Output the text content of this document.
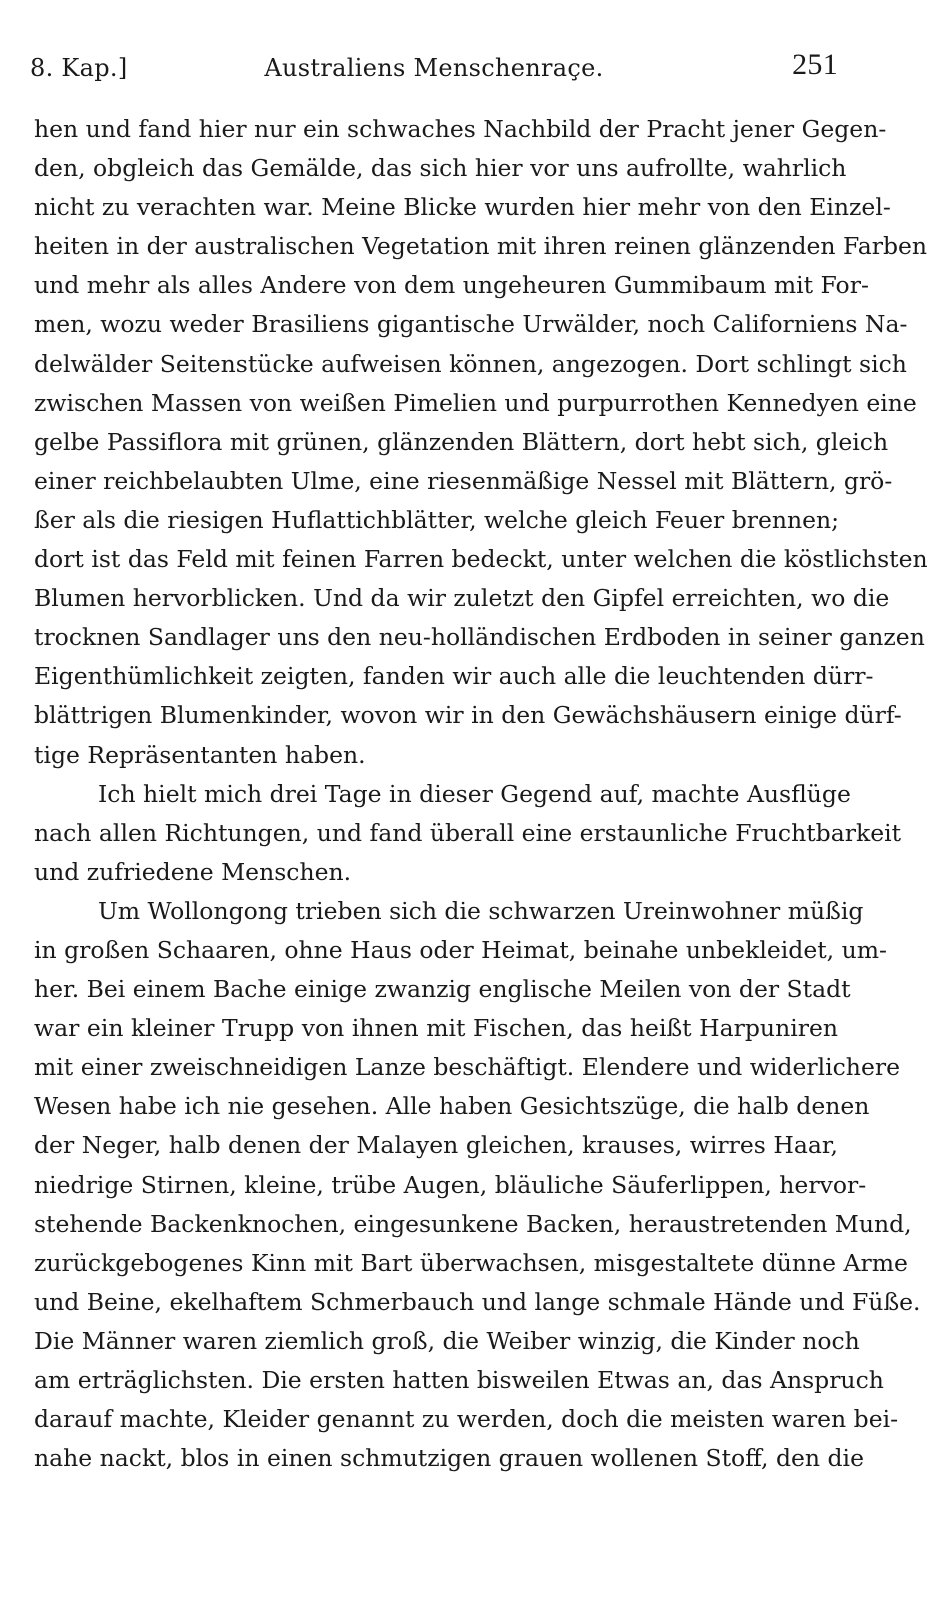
8. Kap.]	Australiens Menschenraçe.	251
hen und fand hier nur ein schwaches Nachbild der Pracht jener Gegen-
den, obgleich das Gemälde, das sich hier vor uns aufrollte, wahrlich
nicht zu verachten war. Meine Blicke wurden hier mehr von den Einzel-
heiten in der australischen Vegetation mit ihren reinen glänzenden Farben
und mehr als alles Andere von dem ungeheuren Gummibaum mit For-
men, wozu weder Brasiliens gigantische Urwälder, noch Californiens Na-
delwälder Seitenstücke aufweisen können, angezogen. Dort schlingt sich
zwischen Massen von weißen Pimelien und purpurrothen Kennedyen eine
gelbe Passiflora mit grünen, glänzenden Blättern, dort hebt sich, gleich
einer reichbelaubten Ulme, eine riesenmäßige Nessel mit Blättern, grö-
ßer als die riesigen Huflattichblätter, welche gleich Feuer brennen;
dort ist das Feld mit feinen Farren bedeckt, unter welchen die köstlichsten
Blumen hervorblicken. Und da wir zuletzt den Gipfel erreichten, wo die
trocknen Sandlager uns den neu-holländischen Erdboden in seiner ganzen
Eigenthümlichkeit zeigten, fanden wir auch alle die leuchtenden dürr-
blättrigen Blumenkinder, wovon wir in den Gewächshäusern einige dürf-
tige Repräsentanten haben.
Ich hielt mich drei Tage in dieser Gegend auf, machte Ausflüge
nach allen Richtungen, und fand überall eine erstaunliche Fruchtbarkeit
und zufriedene Menschen.
Um Wollongong trieben sich die schwarzen Ureinwohner müßig
in großen Schaaren, ohne Haus oder Heimat, beinahe unbekleidet, um-
her. Bei einem Bache einige zwanzig englische Meilen von der Stadt
war ein kleiner Trupp von ihnen mit Fischen, das heißt Harpuniren
mit einer zweischneidigen Lanze beschäftigt. Elendere und widerlichere
Wesen habe ich nie gesehen. Alle haben Gesichtszüge, die halb denen
der Neger, halb denen der Malayen gleichen, krauses, wirres Haar,
niedrige Stirnen, kleine, trübe Augen, bläuliche Säuferlippen, hervor-
stehende Backenknochen, eingesunkene Backen, heraustretenden Mund,
zurückgebogenes Kinn mit Bart überwachsen, misgestaltete dünne Arme
und Beine, ekelhaftem Schmerbauch und lange schmale Hände und Füße.
Die Männer waren ziemlich groß, die Weiber winzig, die Kinder noch
am erträglichsten. Die ersten hatten bisweilen Etwas an, das Anspruch
darauf machte, Kleider genannt zu werden, doch die meisten waren bei-
nahe nackt, blos in einen schmutzigen grauen wollenen Stoff, den die
